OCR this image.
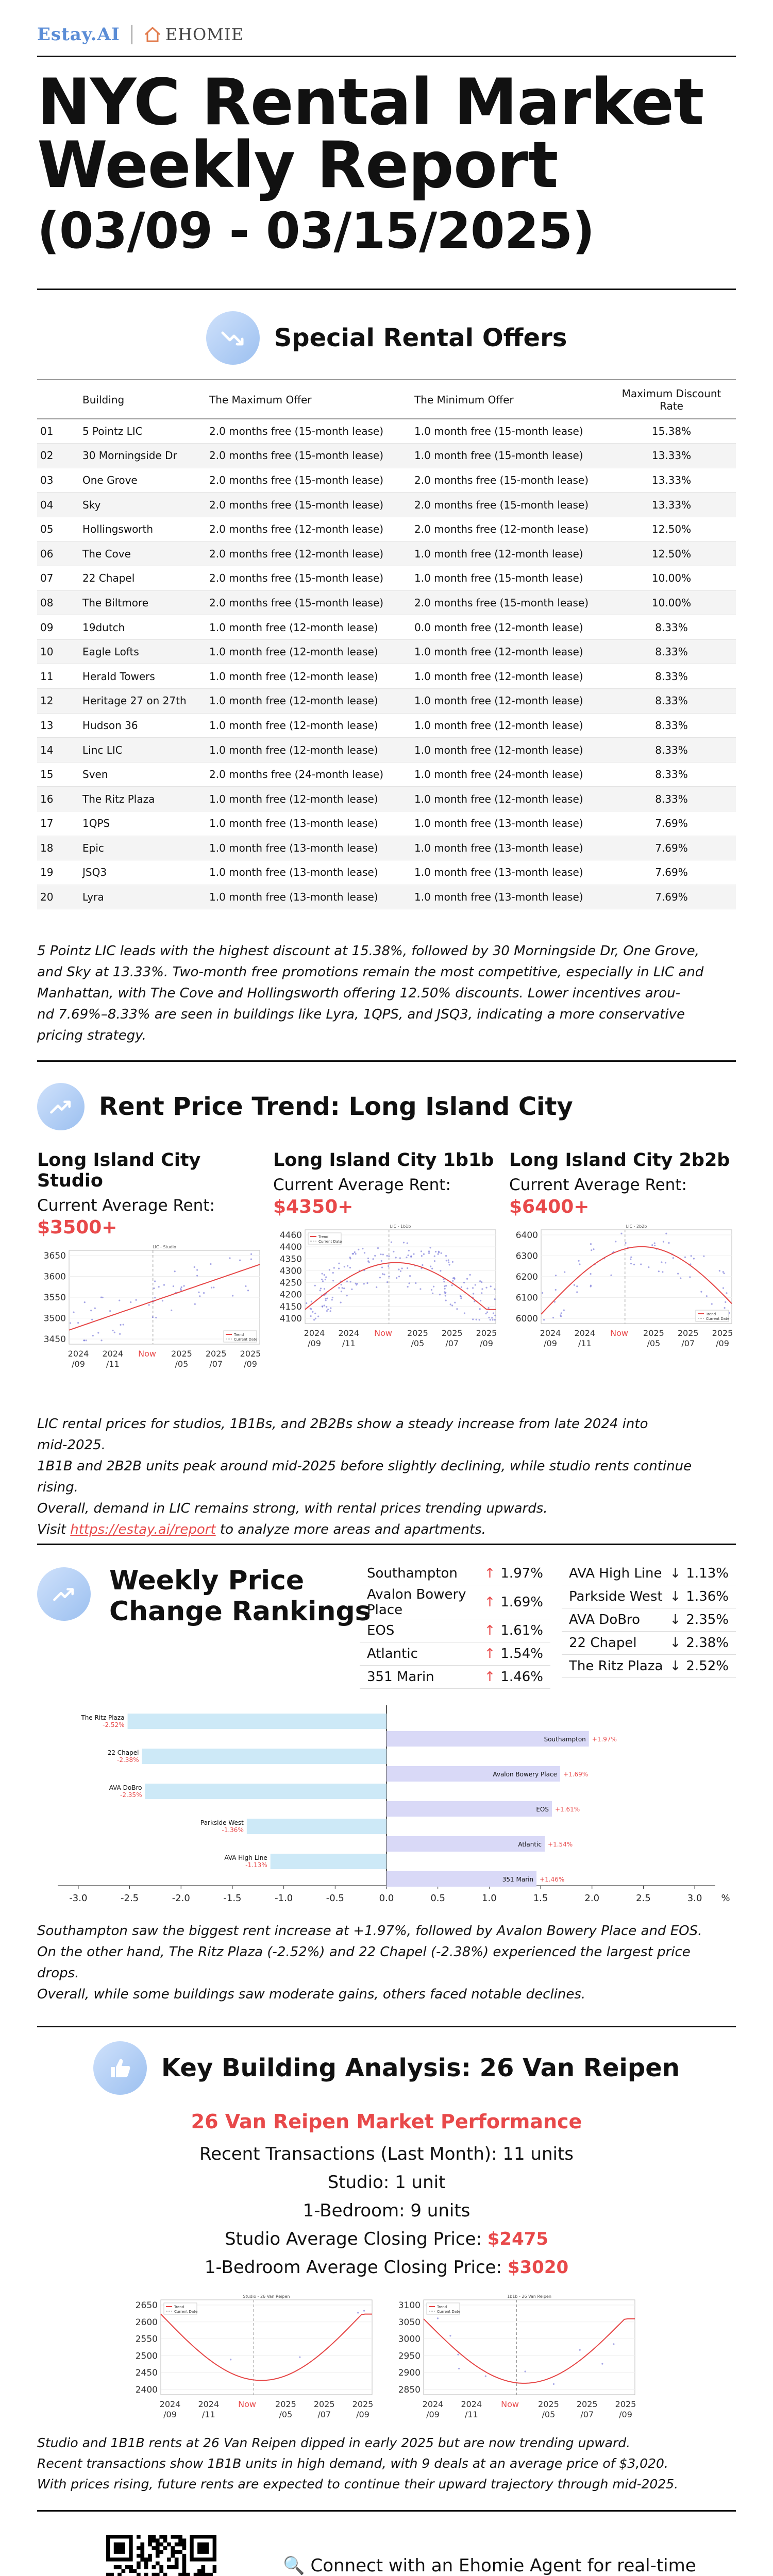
Estay.AI	EHOMIE
NYC Rental Market
Weekly Report
(03/09 - 03/15/2025)
Special Rental Offers
	Building	The Maximum Offer	The Minimum Offer	Maximum Discount Rate
01	5 Pointz LIC	2.0 months free (15-month lease)	1.0 month free (15-month lease)	15.38%
02	30 Morningside Dr	2.0 months free (15-month lease)	1.0 month free (15-month lease)	13.33%
03	One Grove	2.0 months free (15-month lease)	2.0 months free (15-month lease)	13.33%
04	Sky	2.0 months free (15-month lease)	2.0 months free (15-month lease)	13.33%
05	Hollingsworth	2.0 months free (12-month lease)	2.0 months free (12-month lease)	12.50%
06	The Cove	2.0 months free (12-month lease)	1.0 month free (12-month lease)	12.50%
07	22 Chapel	2.0 months free (15-month lease)	1.0 month free (15-month lease)	10.00%
08	The Biltmore	2.0 months free (15-month lease)	2.0 months free (15-month lease)	10.00%
09	19dutch	1.0 month free (12-month lease)	0.0 month free (12-month lease)	8.33%
10	Eagle Lofts	1.0 month free (12-month lease)	1.0 month free (12-month lease)	8.33%
11	Herald Towers	1.0 month free (12-month lease)	1.0 month free (12-month lease)	8.33%
12	Heritage 27 on 27th	1.0 month free (12-month lease)	1.0 month free (12-month lease)	8.33%
13	Hudson 36	1.0 month free (12-month lease)	1.0 month free (12-month lease)	8.33%
14	Linc LIC	1.0 month free (12-month lease)	1.0 month free (12-month lease)	8.33%
15	Sven	2.0 months free (24-month lease)	1.0 month free (24-month lease)	8.33%
16	The Ritz Plaza	1.0 month free (12-month lease)	1.0 month free (12-month lease)	8.33%
17	1QPS	1.0 month free (13-month lease)	1.0 month free (13-month lease)	7.69%
18	Epic	1.0 month free (13-month lease)	1.0 month free (13-month lease)	7.69%
19	JSQ3	1.0 month free (13-month lease)	1.0 month free (13-month lease)	7.69%
20	Lyra	1.0 month free (13-month lease)	1.0 month free (13-month lease)	7.69%
5 Pointz LIC leads with the highest discount at 15.38%, followed by 30 Morningside Dr, One Grove,
and Sky at 13.33%. Two-month free promotions remain the most competitive, especially in LIC and
Manhattan, with The Cove and Hollingsworth offering 12.50% discounts. Lower incentives arou-
nd 7.69%–8.33% are seen in buildings like Lyra, 1QPS, and JSQ3, indicating a more conservative
pricing strategy.
Rent Price Trend: Long Island City
Long Island City Studio
Current Average Rent:
$3500+
LIC - Studio
3650
3600
3550
3500
3450	Trend
Current Date
2024
/09
2024
/11
Now 2025
/05
2025
/07
2025
/09
Long Island City 1b1b
Current Average Rent:
$4350+
LIC - 1b1b
4460
4400
4350
4300
4250
4200
4150
4100
Trend
Current Date
2024
/09
2024
/11
Now 2025
/05
2025
/07
2025
/09
Long Island City 2b2b
Current Average Rent:
$6400+
LIC - 2b2b
6400
6300
6200
6100
6000	Trend
Current Date
2024
/09
2024
/11
Now 2025
/05
2025
/07
2025
/09
LIC rental prices for studios, 1B1Bs, and 2B2Bs show a steady increase from late 2024 into
mid-2025.
1B1B and 2B2B units peak around mid-2025 before slightly declining, while studio rents continue
rising.
Overall, demand in LIC remains strong, with rental prices trending upwards.
Visit https://estay.ai/report to analyze more areas and apartments.
Weekly Price
Change Rankings
Southampton ↑ 1.97%
Avalon Bowery Place	↑ 1.69%
EOS	↑ 1.61%
Atlantic	↑ 1.54%
351 Marin	↑ 1.46%
AVA High Line ↓ 1.13%
Parkside West ↓ 1.36%
AVA DoBro ↓ 2.35%
22 Chapel ↓ 2.38%
The Ritz Plaza ↓ 2.52%
-3.0	-2.5	-2.0	-1.5	-1.0	-0.5	0.0	0.5	1.0	1.5	2.0	2.5	3.0 %
The Ritz Plaza
-2.52%
22 Chapel
-2.38%
AVA DoBro
-2.35%
Parkside West
-1.36%
AVA High Line
-1.13%
Southampton +1.97%
Avalon Bowery Place +1.69%
EOS +1.61%
Atlantic +1.54%
351 Marin +1.46%
Southampton saw the biggest rent increase at +1.97%, followed by Avalon Bowery Place and EOS.
On the other hand, The Ritz Plaza (-2.52%) and 22 Chapel (-2.38%) experienced the largest price
drops.
Overall, while some buildings saw moderate gains, others faced notable declines.
Key Building Analysis: 26 Van Reipen
26 Van Reipen Market Performance
Recent Transactions (Last Month): 11 units
Studio: 1 unit
1-Bedroom: 9 units
Studio Average Closing Price: $2475
1-Bedroom Average Closing Price: $3020
Studio - 26 Van Reipen
2650
2600
2550
2500
2450
2400
Trend
Current Date
2024
/09
2024
/11
Now 2025
/05
2025
/07
2025
/09
1b1b - 26 Van Reipen
3100
3050
3000
2950
2900
2850
Trend
Current Date
2024
/09
2024
/11
Now 2025
/05
2025
/07
2025
/09
Studio and 1B1B rents at 26 Van Reipen dipped in early 2025 but are now trending upward.
Recent transactions show 1B1B units in high demand, with 9 deals at an average price of $3,020.
With prices rising, future rents are expected to continue their upward trajectory through mid-2025.
🔍 Connect with an Ehomie Agent for real-time
